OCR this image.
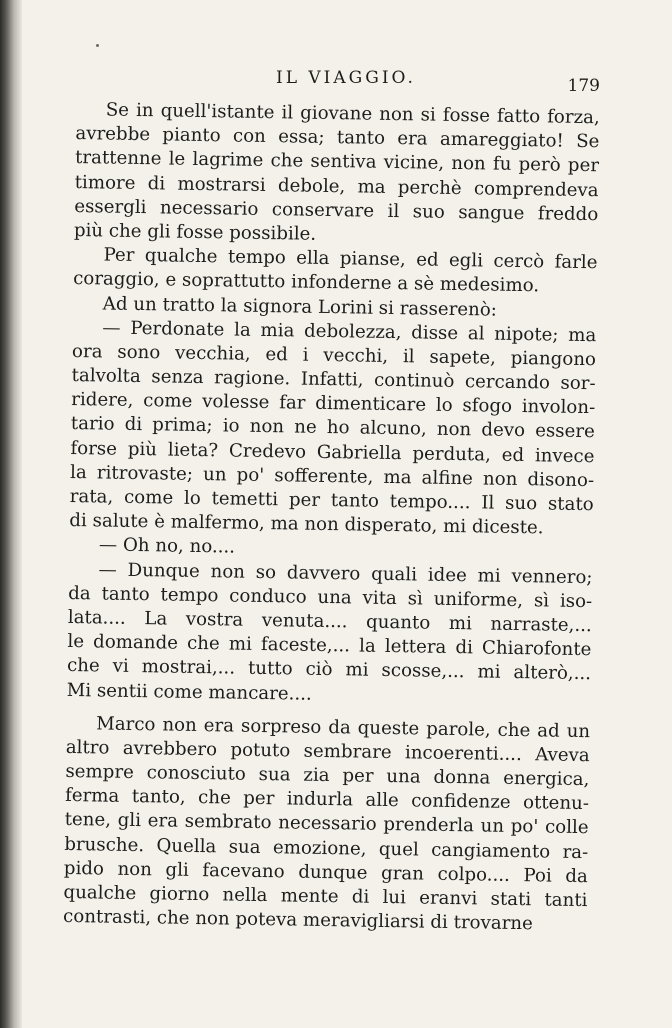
IL VIAGGIO.	179
Se in quell'istante il giovane non si fosse fatto forza,
avrebbe pianto con essa; tanto era amareggiato! Se
trattenne le lagrime che sentiva vicine, non fu però per
timore di mostrarsi debole, ma perchè comprendeva
essergli necessario conservare il suo sangue freddo
più che gli fosse possibile.
Per qualche tempo ella pianse, ed egli cercò farle
coraggio, e soprattutto infonderne a sè medesimo.
Ad un tratto la signora Lorini si rasserenò:
— Perdonate la mia debolezza, disse al nipote; ma
ora sono vecchia, ed i vecchi, il sapete, piangono
talvolta senza ragione. Infatti, continuò cercando sor-
ridere, come volesse far dimenticare lo sfogo involon-
tario di prima; io non ne ho alcuno, non devo essere
forse più lieta? Credevo Gabriella perduta, ed invece
la ritrovaste; un po' sofferente, ma alfine non disono-
rata, come lo temetti per tanto tempo.... Il suo stato
di salute è malfermo, ma non disperato, mi diceste.
— Oh no, no....
— Dunque non so davvero quali idee mi vennero;
da tanto tempo conduco una vita sì uniforme, sì iso-
lata.... La vostra venuta.... quanto mi narraste,...
le domande che mi faceste,... la lettera di Chiarofonte
che vi mostrai,... tutto ciò mi scosse,... mi alterò,...
Mi sentii come mancare....
Marco non era sorpreso da queste parole, che ad un
altro avrebbero potuto sembrare incoerenti.... Aveva
sempre conosciuto sua zia per una donna energica,
ferma tanto, che per indurla alle confidenze ottenu-
tene, gli era sembrato necessario prenderla un po' colle
brusche. Quella sua emozione, quel cangiamento ra-
pido non gli facevano dunque gran colpo.... Poi da
qualche giorno nella mente di lui eranvi stati tanti
contrasti, che non poteva meravigliarsi di trovarne
